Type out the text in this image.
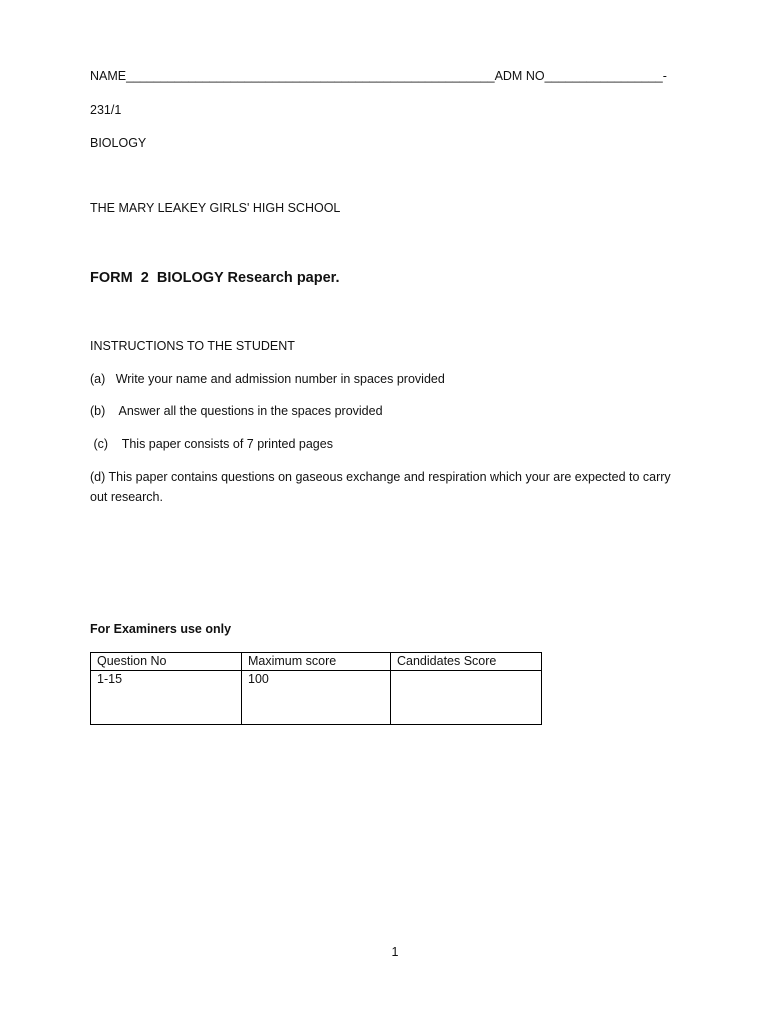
NAME_____________________________________________________ADM NO_________________-
231/1
BIOLOGY
THE MARY LEAKEY GIRLS' HIGH SCHOOL
FORM  2  BIOLOGY Research paper.
INSTRUCTIONS TO THE STUDENT
(a)   Write your name and admission number in spaces provided
(b)    Answer all the questions in the spaces provided
(c)    This paper consists of 7 printed pages
(d) This paper contains questions on gaseous exchange and respiration which your are expected to carry out research.
For Examiners use only
Question No	Maximum score	Candidates Score
1-15	100	
1
